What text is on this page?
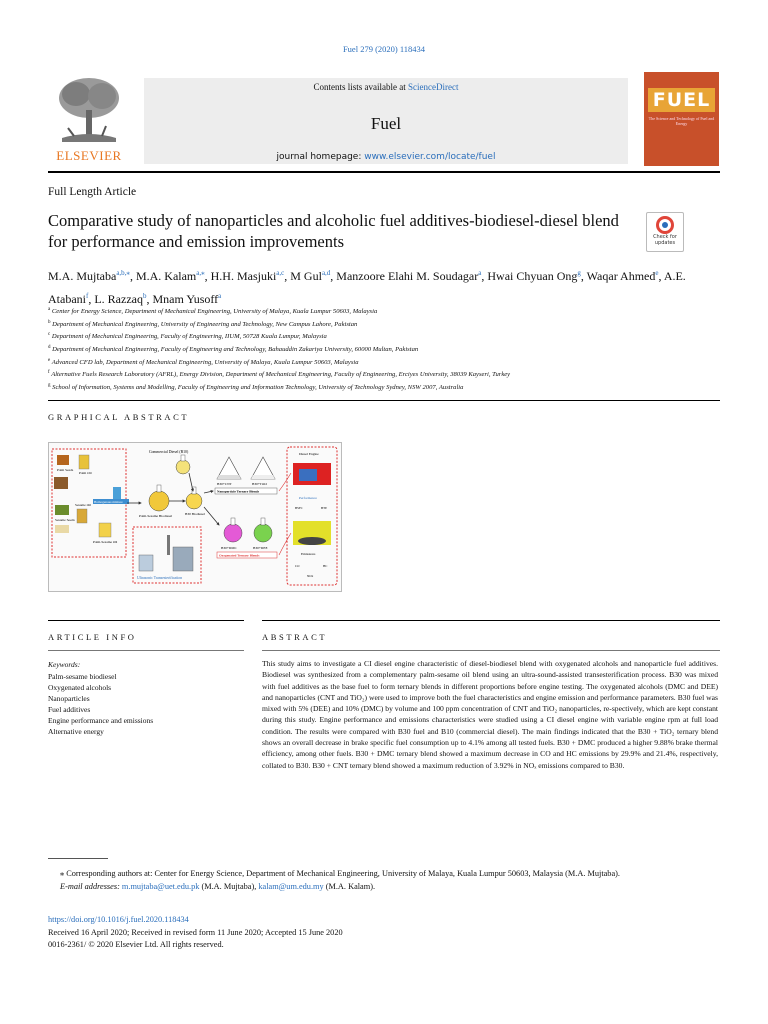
Fuel 279 (2020) 118434
ELSEVIER
Contents lists available at ScienceDirect
Fuel
journal homepage: www.elsevier.com/locate/fuel
FUEL
The Science and Technology of Fuel and Energy
Full Length Article
Comparative study of nanoparticles and alcoholic fuel additives-biodiesel-diesel blend for performance and emission improvements	Check for updates
M.A. Mujtaba$^{a,b,⁎}$, M.A. Kalam$^{a,⁎}$, H.H. Masjuki$^{a,c}$, M Gul$^{a,d}$, Manzoore Elahi M. Soudagar$^a$, Hwai Chyuan Ong$^g$, Waqar Ahmed$^e$, A.E. Atabani$^f$, L. Razzaq$^b$, Mnam Yusoff$^a$
$^a$ Center for Energy Science, Department of Mechanical Engineering, University of Malaya, Kuala Lumpur 50603, Malaysia
$^b$ Department of Mechanical Engineering, University of Engineering and Technology, New Campus Lahore, Pakistan
$^c$ Department of Mechanical Engineering, Faculty of Engineering, IIUM, 50728 Kuala Lumpur, Malaysia
$^d$ Department of Mechanical Engineering, Faculty of Engineering and Technology, Bahauddin Zakariya University, 60000 Multan, Pakistan
$^e$ Advanced CFD lab, Department of Mechanical Engineering, University of Malaya, Kuala Lumpur 50603, Malaysia
$^f$ Alternative Fuels Research Laboratory (AFRL), Energy Division, Department of Mechanical Engineering, Faculty of Engineering, Erciyes University, 38039 Kayseri, Turkey
$^g$ School of Information, Systems and Modelling, Faculty of Engineering and Information Technology, University of Technology Sydney, NSW 2007, Australia
GRAPHICAL ABSTRACT
Palm Seeds
Palm Oil
Sesame Seeds
Sesame Oil
Palm-Sesame Oil
Homogenous mixture
Commercial Diesel (B10)
Palm-Sesame Biodiesel	B30 Biodiesel
B30+CNT	B30+TiO2
Nanoparticle Ternary Blends
B30+DMC	B30+DEE
Oxygenated Ternary Blends
Ultrasonic Transesterification
Diesel Engine
Performance
BSFC	BTE
Emissions
CO	HC
NOx
ARTICLE INFO	ABSTRACT
Keywords:
Palm-sesame biodiesel
Oxygenated alcohols
Nanoparticles
Fuel additives
Engine performance and emissions
Alternative energy
This study aims to investigate a CI diesel engine characteristic of diesel-biodiesel blend with oxygenated alcohols and nanoparticle fuel additives. Biodiesel was synthesized from a complementary palm-sesame oil blend using an ultra-sound-assisted transesterification process. B30 was mixed with fuel additives as the base fuel to form ternary blends in different proportions before engine testing. The oxygenated alcohols (DMC and DEE) and nanoparticles (CNT and TiO₂) were used to improve both the fuel characteristics and engine emission and performance parameters. B30 fuel was mixed with 5% (DEE) and 10% (DMC) by volume and 100 ppm concentration of CNT and TiO₂ nanoparticles, re-spectively, which are kept constant during this study. Engine performance and emissions characteristics were studied using a CI diesel engine with variable engine rpm at full load condition. The results were compared with B30 fuel and B10 (commercial diesel). The main findings indicated that the B30 + TiO₂ ternary blend shows an overall decrease in brake specific fuel consumption up to 4.1% among all tested fuels. B30 + DMC produced a higher 9.88% brake thermal efficiency, among other fuels. B30 + DMC ternary blend showed a maximum decrease in CO and HC emissions by 29.9% and 21.4%, respectively, collated to B30. B30 + CNT ternary blend showed a maximum reduction of 3.92% in NOₓ emissions compared to B30.
⁎ Corresponding authors at: Center for Energy Science, Department of Mechanical Engineering, University of Malaya, Kuala Lumpur 50603, Malaysia (M.A. Mujtaba).
E-mail addresses: m.mujtaba@uet.edu.pk (M.A. Mujtaba), kalam@um.edu.my (M.A. Kalam).
https://doi.org/10.1016/j.fuel.2020.118434
Received 16 April 2020; Received in revised form 11 June 2020; Accepted 15 June 2020
0016-2361/ © 2020 Elsevier Ltd. All rights reserved.
